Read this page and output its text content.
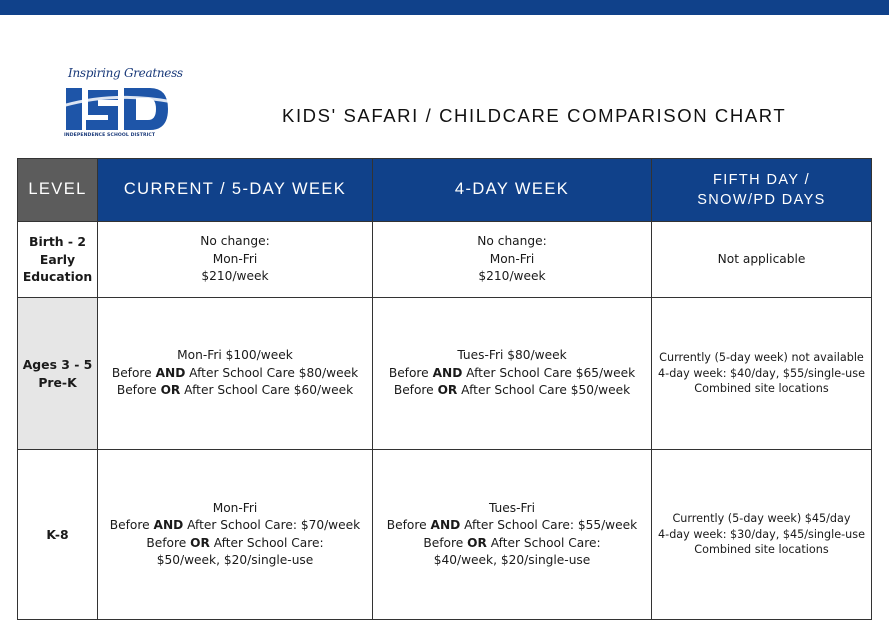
Inspiring Greatness
INDEPENDENCE SCHOOL DISTRICT
KIDS' SAFARI / CHILDCARE COMPARISON CHART
LEVEL	CURRENT / 5-DAY WEEK	4-DAY WEEK	FIFTH DAY /
SNOW/PD DAYS

Birth - 2
Early
Education	No change:
Mon-Fri
$210/week	No change:
Mon-Fri
$210/week	Not applicable

Ages 3 - 5
Pre-K	Mon-Fri $100/week
Before AND After School Care $80/week
Before OR After School Care $60/week	Tues-Fri $80/week
Before AND After School Care $65/week
Before OR After School Care $50/week	Currently (5-day week) not available
4-day week: $40/day, $55/single-use
Combined site locations

K-8	Mon-Fri
Before AND After School Care: $70/week
Before OR After School Care:
$50/week, $20/single-use	Tues-Fri
Before AND After School Care: $55/week
Before OR After School Care:
$40/week, $20/single-use	Currently (5-day week) $45/day
4-day week: $30/day, $45/single-use
Combined site locations
